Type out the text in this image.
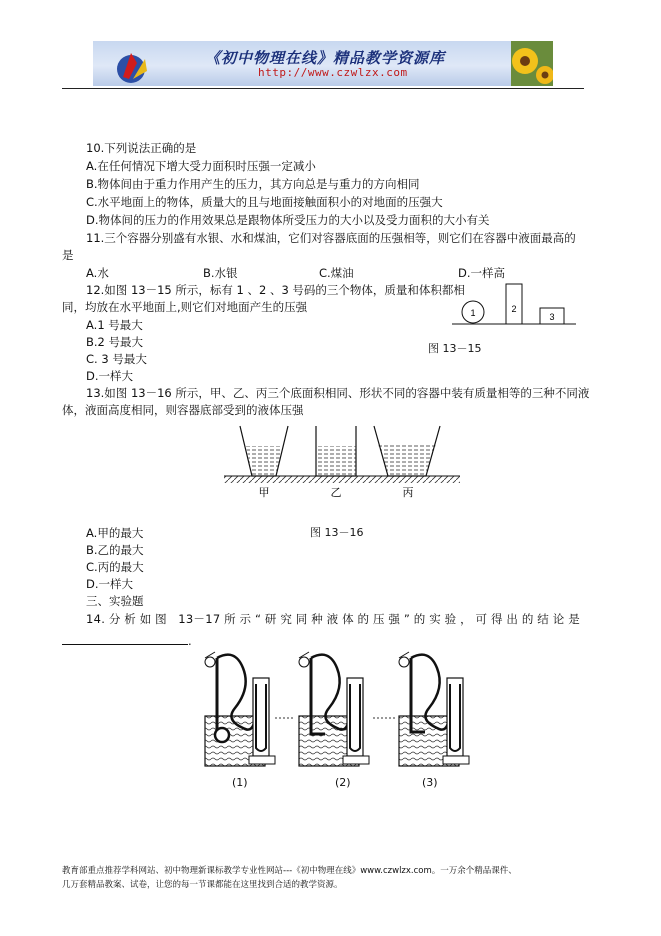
《初中物理在线》精品教学资源库
http://www.czwlzx.com
10.下列说法正确的是
A.在任何情况下增大受力面积时压强一定减小
B.物体间由于重力作用产生的压力，其方向总是与重力的方向相同
C.水平地面上的物体，质量大的且与地面接触面积小的对地面的压强大
D.物体间的压力的作用效果总是跟物体所受压力的大小以及受力面积的大小有关
11.三个容器分别盛有水银、水和煤油，它们对容器底面的压强相等，则它们在容器中液面最高的
是
A.水	B.水银	C.煤油	D.一样高
12.如图 13－15 所示，标有 1 、2 、3 号码的三个物体，质量和体积都相
同，均放在水平地面上,则它们对地面产生的压强
A.1 号最大
B.2 号最大
C. 3 号最大
D.一样大
1	2
3
图 13－15
13.如图 13－16 所示，甲、乙、丙三个底面积相同、形状不同的容器中装有质量相等的三种不同液
体，液面高度相同，则容器底部受到的液体压强
甲	乙	丙
图 13－16
A.甲的最大
B.乙的最大
C.丙的最大
D.一样大
三、实验题
14.分析如图 13－17所示“研究同种液体的压强”的实验，可得出的结论是
.
(1)	(2)	(3)
教育部重点推荐学科网站、初中物理新课标教学专业性网站---《初中物理在线》www.czwlzx.com。一万余个精品课件、
几万套精品教案、试卷，让您的每一节课都能在这里找到合适的教学资源。
